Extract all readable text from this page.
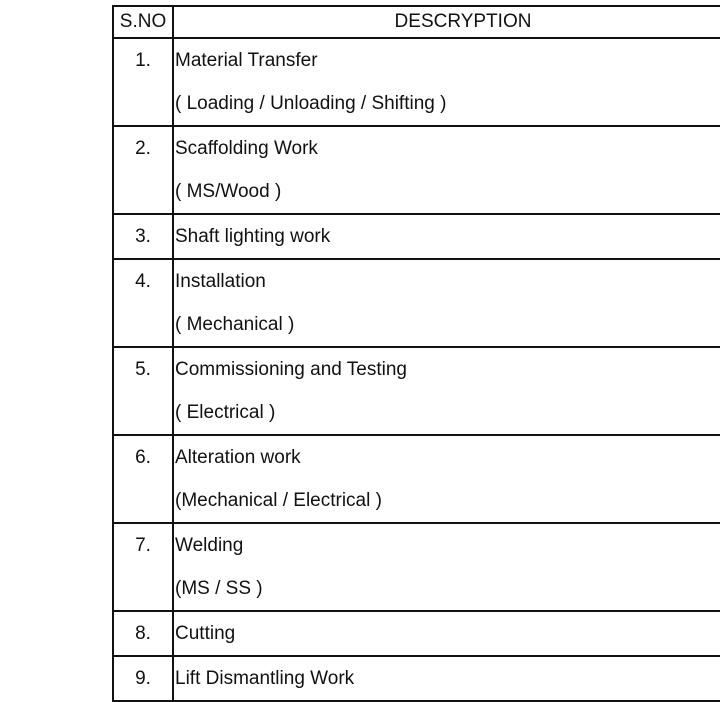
S.NO	DESCRYPTION

1.	Material Transfer
( Loading / Unloading / Shifting )

2.	Scaffolding Work
( MS/Wood )

3.	Shaft lighting work

4.	Installation
( Mechanical )

5.	Commissioning and Testing
( Electrical )

6.	Alteration work
(Mechanical / Electrical )

7.	Welding
(MS / SS )

8.	Cutting

9.	Lift Dismantling Work
